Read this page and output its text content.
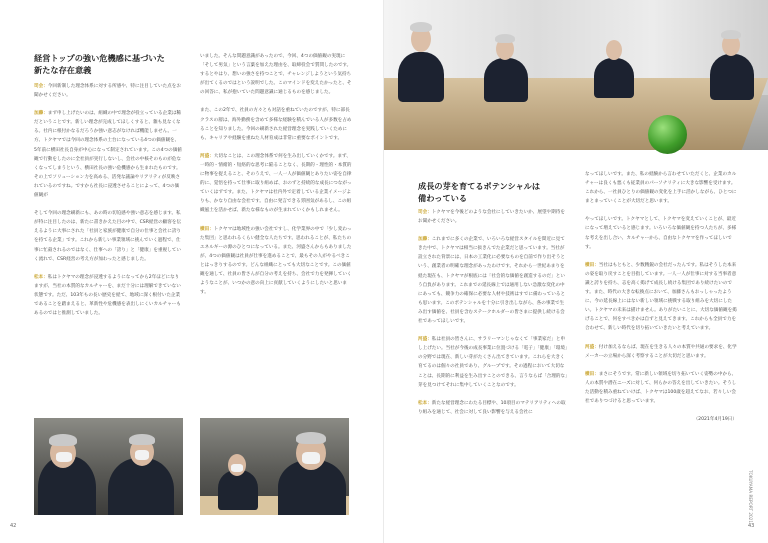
経営トップの強い危機感に基づいた
新たな存在意義

司会：今回新制した理念体系に対する所感や、特に注目していた点をお聞かせください。

加藤：まず申し上げたいのは、組織の中で理念が役立っている企業は稀だということです。新しい理念が完成してほしくすると、雑も見なくなる。社内に根付かなるだろうか強い意志がなければ機能しません。一方、トクヤマでは今回の理念体系の土台になっている4つの価値観を、5年前に横田社長自身が中心になって制定されています。この4つの価値観で行動をしたのに全社員が実行しないし、会社の中核そのものが危なくなってしまうという、横田社長の強い危機感から生まれたものです。その上でソリューション力を高める、活発な議論やリアリティが反映されているのですね。ですから社長に浸透させることによって、4つの価値観が

そして今回の理念刷新にも、あの時の切迫感や強い意志を感じます。私が特に注目したのは、新たに書きかえた目の中で、CSR経営の顧客を伝えるように大事にされた「社員と家族が健康で自分の仕事と会社に誇りを持てる企業」です。これから新しい事業領域に挑んでいく過程で、仕事に忙殺されるのではなく、仕事への「誇り」と「健康」を重視していく流れで、CSR経営の考え方が加わったと感じました。

松本：私はトクヤマの理念が浸透するようになってから2年ほどになりますが、当社の本質的なカルチャーを、まだ十分には理解できていない状態です。ただ、103年もの長い歴史を経て、地域に深く根付いた企業であることを踏まえると、革新性や危機感を表出しにくいカルチャーもあるのではと推測していました。

いました。そんな問題意識があったので、今回、4つの価値観の実現に「そして男気」という言葉を加えた理由を、取締役会で質問したのです。するとやはり、想いの強さを持つことで、チャレンジしようという気持ちが出てくるのではという説明でした。このマインドを変えたかったと、その回答に、私が抱いていた問題意識に通じるものを感じました。

また、この2年で、社員の方々とも対話を重ねていたのですが、特に部長クラスの層は、海外勤務を含めて多様な経験を積んでいる人が多数を占めることを知りました。今回の刷新された経営理念を実践していくためにも、キャリアや経験を重ねた人材育成は非常に重要なポイントです。

河盛：大切なことは、この理念体系で何を生み出していくかです。まず、一時的・情緒的・短絡的な思考に陥ることなく、長期的・理性的・本質的に物事を捉えること、そのうえで、一人一人が価値観とありたい姿を自律的に、覚悟を持って仕事に取り組めば、おのずと持続的な成長につながっていくはずです。また、トクヤマは社内外で定着している企業イメージよりも、かなり自由な会社です。自由に発言できる雰囲気があるし、この組織風土を活かせば、新たな様なものが生まれていくかもしれません。

横田：トクヤマは地域性の強い会社ですし、化学業界の中で「少し変わった集団」と思われるくらい健全な人たちです。思われることが、私たちのエネルギーの源のひとつになっている。また、河盛さんからもありましたが、4つの価値観は社員が仕事を進めることで、最もその人がやるべきことはっきりするのです。どんな組織にとっても大切なことです。この価値観を通して、社員の皆さんが自分の考えを持ち、会社で力を発揮していくようなことが、いつかの意の向上に貢献していくようにしたいと思います。

42
成長の芽を育てるポテンシャルは
備わっている

司会：トクヤマを今後どのような会社にしていきたいか、展望や期待をお聞かせください。

加藤：これまでに多くの企業で、いろいろな経営スタイルを間近に見てきた中で、トクヤマは相当に抜きんでた企業だと思っています。当社が設立された背景には、日本の工業化に必要なものを自前で作り出そうという、創業者の明確な理念があったわけです。それから一世紀あまりを経た現在も、トクヤマが根底には「社会的な価値を創造するのだ」という自負があります。これまでの延長線上では通用しない急激な変化の中にあっても、競争力の確保に必要な人材や技術はすでに備わっているとも思います。このポテンシャルを十分に引き出しながら、各の事業で生み出す価値を、社員を含むステークホルダーの皆さまに提供し続ける会社であってほしいです。

河盛：私は社員の皆さんに、サラリーマンじゃなくて「事業家だ」と申し上げたい。当社が今後の成長事業に位置づける「電子」「健康」「環境」の分野では現在、新しい芽がたくさん出てきています。これらを大きく育てるのは個々の社員であり、グループです。その過程において大切なことは、長期的に利益を生み出すことのできる、言うならば「合理的な」芽を見つけてそれに集中していくことなのです。

松本：新たな経営理念にわたる目標や、10項目のマテリアリティへの取り組みを通じて、社会に対して良い影響を与える会社に

なってほしいです。また、私の経験から言わせていただくと、企業のカルチャーは良くも悪くも従業員のパーソナリティに大きな影響を受けます。これから、一社員ひとりの価値観の変化を上手に活かしながら、ひとつにまとまっていくことが大切だと思います。

やってほしいです。トクヤマとして、トクヤマを変えていくことが、最近になって増えていると感じます。いろいろな価値観を持つ人たちが、多様な考えを出し合い、カルチャーから、自由なトクヤマを作ってほしいです。

横田：当社はもともと、少数精鋭の会社だったんです。私はそうした本来の姿を取り戻すことを目指しています。一人一人が仕事に対する当事者意識と誇りを持ち、志を高く掲げて成長し続ける集団であり続けたいのです。また、時代の大きな転換点において、加藤さんもおっしゃったように、今の延長線上にはない新しい領域に挑戦する取り組みを大切にしたい。トクヤマの未来は描けません。ありがたいことに、大切な価値観を掲げることで、何をすべきかは自ずと見えてきます。これからも全員で力を合わせて、新しい時代を切り拓いていきたいと考えています。

河盛：付け加えるならば、現在を生きる人々の本質や共通の要求を、化学メーカーの立場から深く考察することが大切だと思います。

横田：まさにそうです。常に新しい領域を切り拓いていく姿勢の中から、人の本質や潜在ニーズに対して、何らかの答えを出していきたい。そうした活動を積み重ねていけば、トクヤマは100歳を超えてなお、若々しい会社でありつづけると思っています。

（2021年4月19日）

TOKUYAMA REPORT 2021
43
